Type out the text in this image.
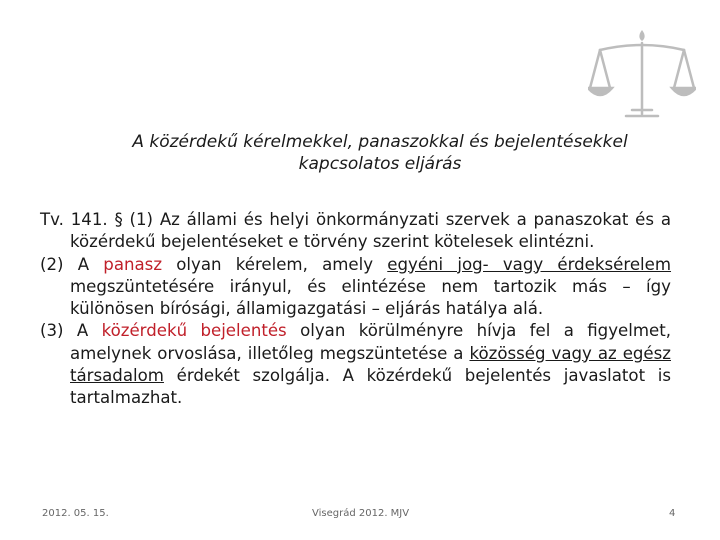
A közérdekű kérelmekkel, panaszokkal és bejelentésekkel
kapcsolatos eljárás

Tv. 141. § (1) Az állami és helyi önkormányzati szervek a panaszokat és a közérdekű bejelentéseket e törvény szerint kötelesek elintézni.

(2) A panasz olyan kérelem, amely egyéni jog- vagy érdeksérelem megszüntetésére irányul, és elintézése nem tartozik más – így különösen bírósági, államigazgatási – eljárás hatálya alá.

(3) A közérdekű bejelentés olyan körülményre hívja fel a figyelmet, amelynek orvoslása, illetőleg megszüntetése a közösség vagy az egész társadalom érdekét szolgálja. A közérdekű bejelentés javaslatot is tartalmazhat.

2012. 05. 15.	Visegrád 2012. MJV	4
